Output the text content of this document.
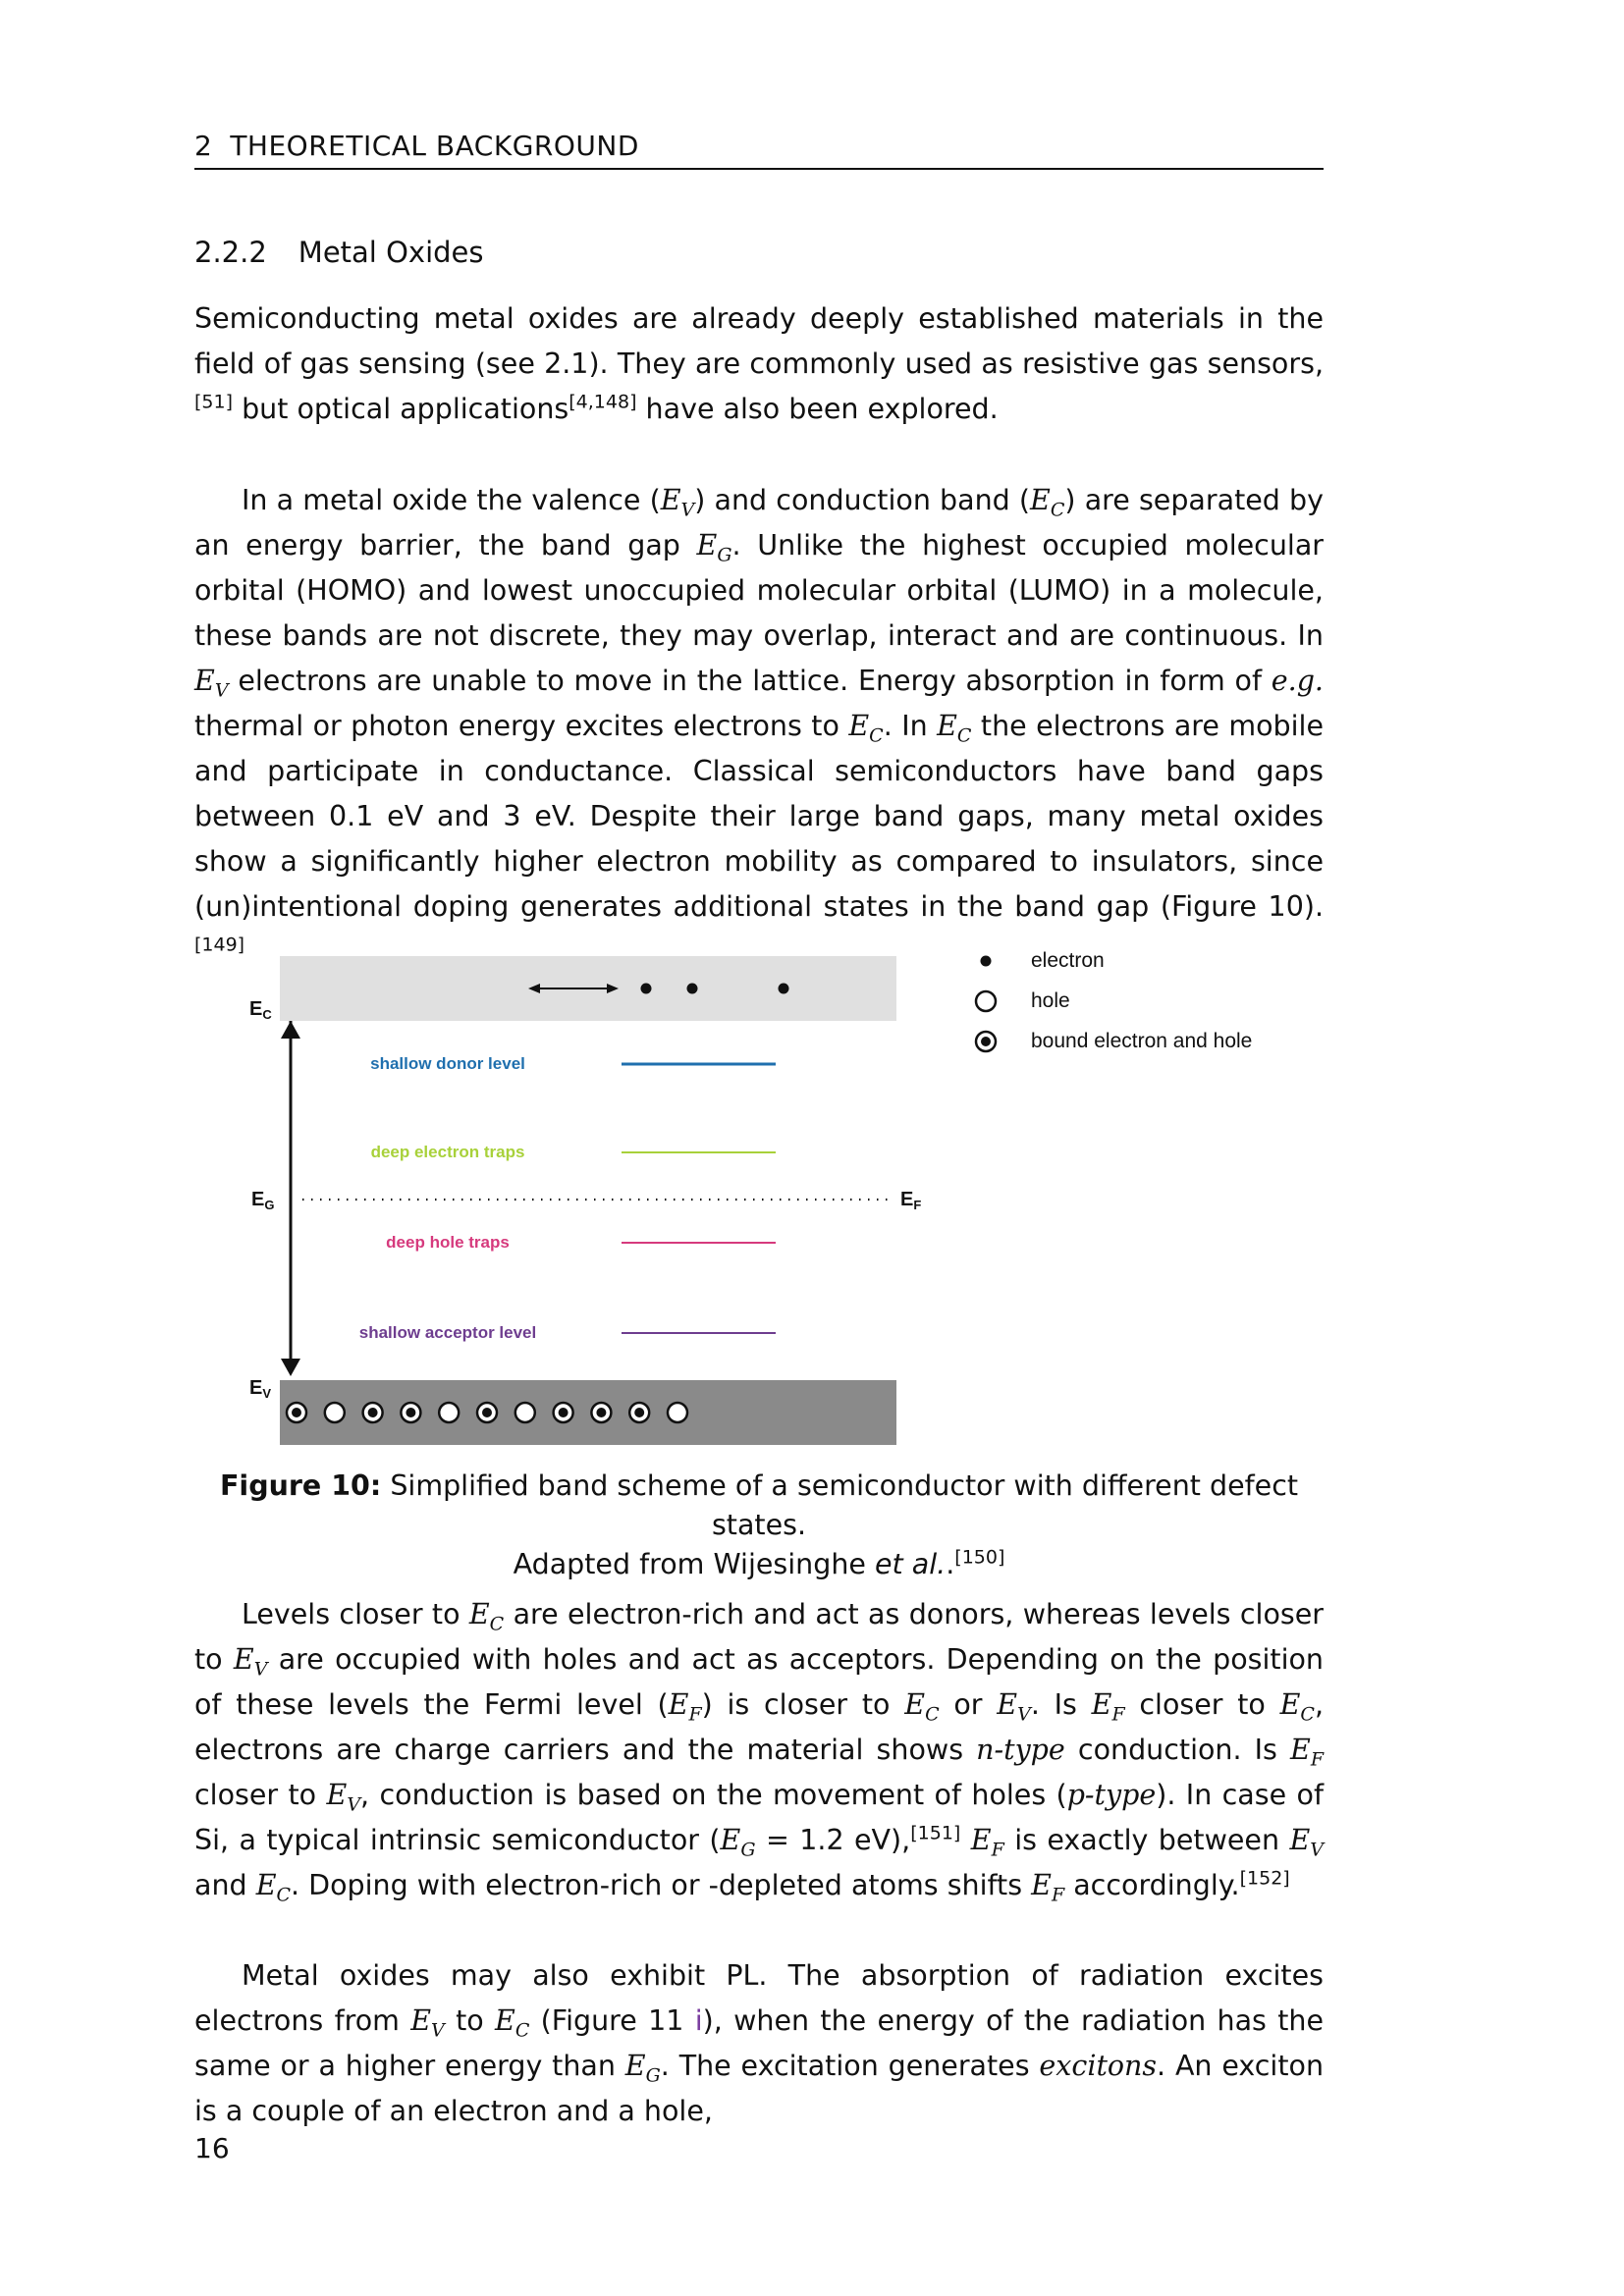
2 THEORETICAL BACKGROUND
2.2.2 Metal Oxides

Semiconducting metal oxides are already deeply established materials in the field of gas sensing (see 2.1). They are commonly used as resistive gas sensors,[51] but optical applications[4,148] have also been explored.

In a metal oxide the valence $(E_V)$ and conduction band $(E_C)$ are separated by an energy barrier, the band gap $E_G$. Unlike the highest occupied molecular orbital (HOMO) and lowest unoccupied molecular orbital (LUMO) in a molecule, these bands are not discrete, they may overlap, interact and are continuous. In $E_V$ electrons are unable to move in the lattice. Energy absorption in form of e.g. thermal or photon energy excites electrons to $E_C$. In $E_C$ the electrons are mobile and participate in conductance. Classical semiconductors have band gaps between 0.1 eV and 3 eV. Despite their large band gaps, many metal oxides show a significantly higher electron mobility as compared to insulators, since (un)intentional doping generates additional states in the band gap (Figure 10).[149]

$E_C$
shallow donor level
deep electron traps
$E_G$	$E_F$
deep hole traps
shallow acceptor level
$E_V$
electron
hole
bound electron and hole
Figure 10: Simplified band scheme of a semiconductor with different defect states.
Adapted from Wijesinghe et al..[150]

Levels closer to $E_C$ are electron-rich and act as donors, whereas levels closer to $E_V$ are occupied with holes and act as acceptors. Depending on the position of these levels the Fermi level $(E_F)$ is closer to $E_C$ or $E_V$. Is $E_F$ closer to $E_C$, electrons are charge carriers and the material shows n-type conduction. Is $E_F$ closer to $E_V$, conduction is based on the movement of holes (p-type). In case of Si, a typical intrinsic semiconductor ($E_G = 1.2$ eV),[151] $E_F$ is exactly between $E_V$ and $E_C$. Doping with electron-rich or -depleted atoms shifts $E_F$ accordingly.[152]

Metal oxides may also exhibit PL. The absorption of radiation excites electrons from $E_V$ to $E_C$ (Figure 11 i), when the energy of the radiation has the same or a higher energy than $E_G$. The excitation generates excitons. An exciton is a couple of an electron and a hole,

16
